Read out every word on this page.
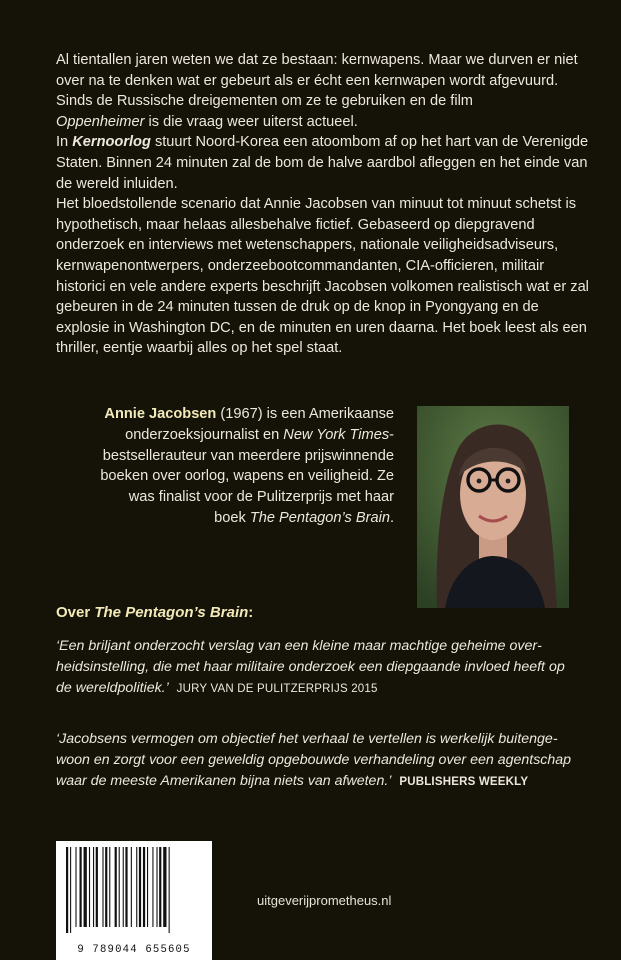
Al tientallen jaren weten we dat ze bestaan: kernwapens. Maar we durven er niet over na te denken wat er gebeurt als er écht een kernwapen wordt afgevuurd. Sinds de Russische dreigementen om ze te gebruiken en de film
Oppenheimer is die vraag weer uiterst actueel.

In Kernoorlog stuurt Noord-Korea een atoombom af op het hart van de Verenigde Staten. Binnen 24 minuten zal de bom de halve aardbol afleggen en het einde van de wereld inluiden.

Het bloedstollende scenario dat Annie Jacobsen van minuut tot minuut schetst is hypothetisch, maar helaas allesbehalve fictief. Gebaseerd op diepgravend onderzoek en interviews met wetenschappers, nationale veiligheidsadviseurs, kernwapenontwerpers, onderzeebootcommandanten, CIA-officieren, militair historici en vele andere experts beschrijft Jacobsen volkomen realistisch wat er zal gebeuren in de 24 minuten tussen de druk op de knop in Pyongyang en de explosie in Washington DC, en de minuten en uren daarna. Het boek leest als een thriller, eentje waarbij alles op het spel staat.

Annie Jacobsen (1967) is een Amerikaanse onderzoeksjournalist en New York Times-bestsellerauteur van meerdere prijswinnende boeken over oorlog, wapens en veiligheid. Ze was finalist voor de Pulitzerprijs met haar boek The Pentagon’s Brain.
Over The Pentagon’s Brain:
‘Een briljant onderzocht verslag van een kleine maar machtige geheime overheidsinstelling, die met haar militaire onderzoek een diepgaande invloed heeft op de wereldpolitiek.’ JURY VAN DE PULITZERPRIJS 2015
‘Jacobsens vermogen om objectief het verhaal te vertellen is werkelijk buitengewoon en zorgt voor een geweldig opgebouwde verhandeling over een agentschap waar de meeste Amerikanen bijna niets van afweten.’ PUBLISHERS WEEKLY
9 789044 655605
uitgeverijprometheus.nl
